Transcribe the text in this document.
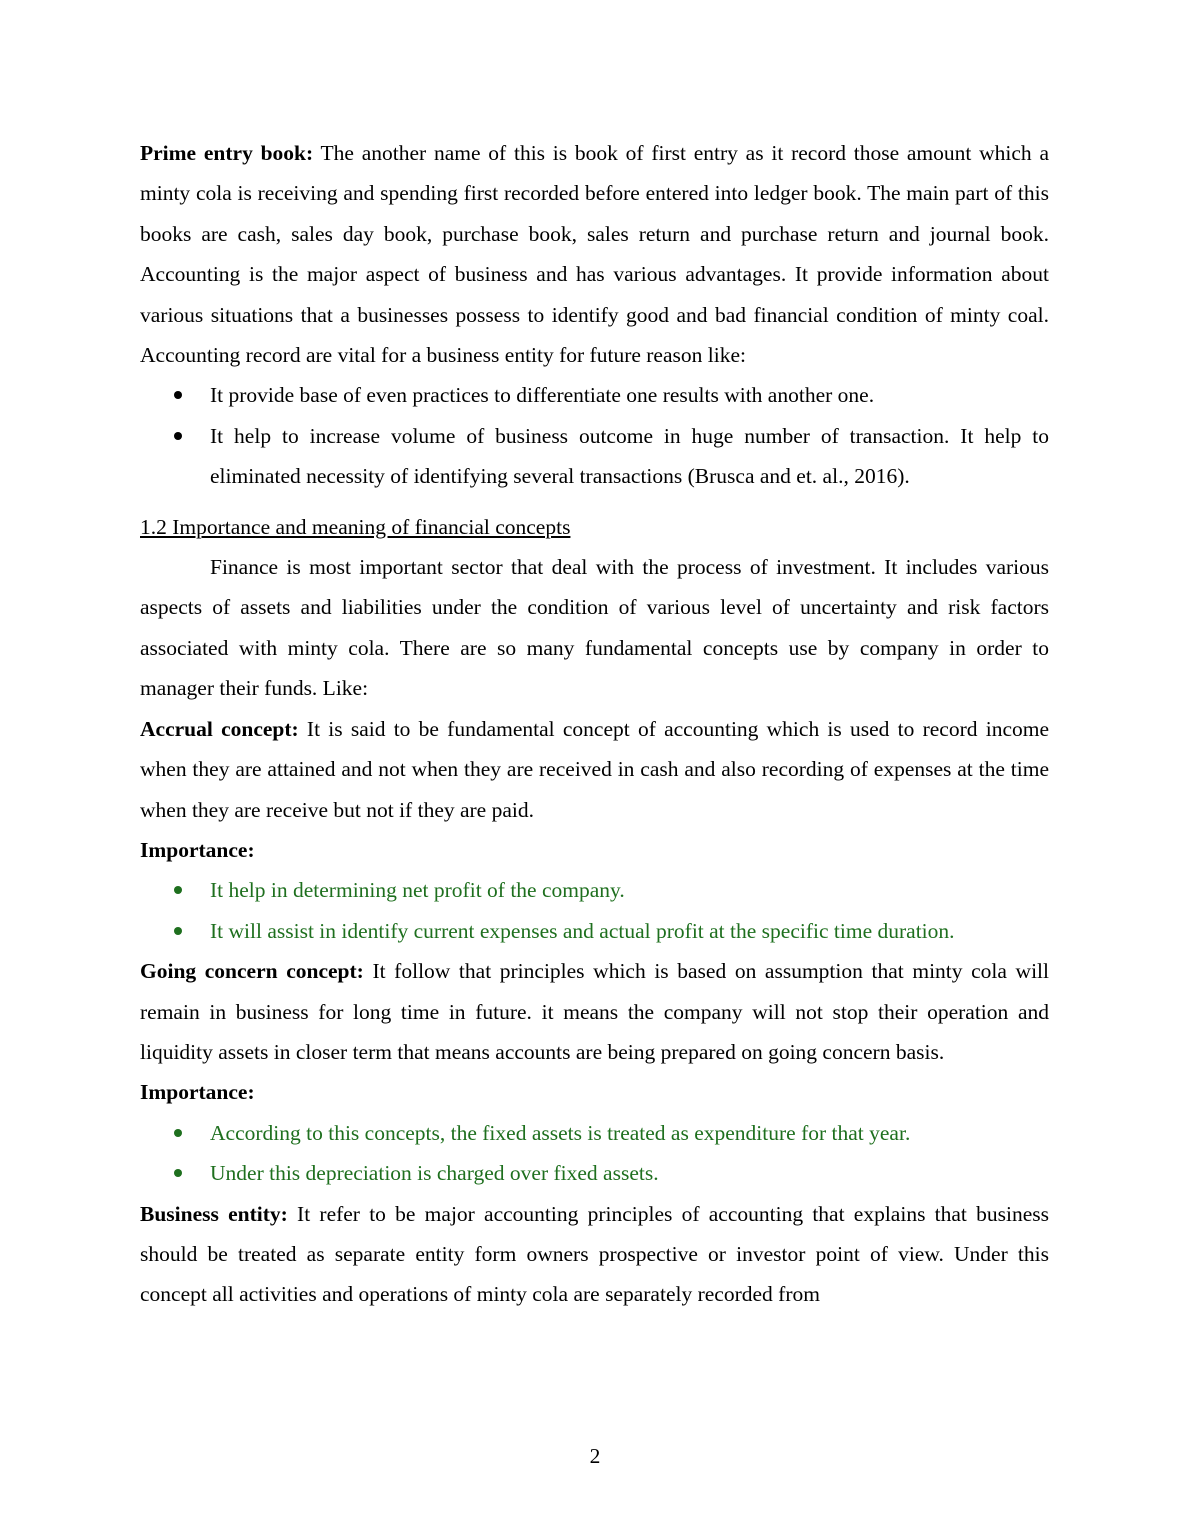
Prime entry book: The another name of this is book of first entry as it record those amount which a minty cola is receiving and spending first recorded before entered into ledger book. The main part of this books are cash, sales day book, purchase book, sales return and purchase return and journal book. Accounting is the major aspect of business and has various advantages. It provide information about various situations that a businesses possess to identify good and bad financial condition of minty coal. Accounting record are vital for a business entity for future reason like:

It provide base of even practices to differentiate one results with another one.
It help to increase volume of business outcome in huge number of transaction. It help to eliminated necessity of identifying several transactions (Brusca and et. al., 2016).
1.2 Importance and meaning of financial concepts

Finance is most important sector that deal with the process of investment. It includes various aspects of assets and liabilities under the condition of various level of uncertainty and risk factors associated with minty cola. There are so many fundamental concepts use by company in order to manager their funds. Like:

Accrual concept: It is said to be fundamental concept of accounting which is used to record income when they are attained and not when they are received in cash and also recording of expenses at the time when they are receive but not if they are paid.

Importance:

It help in determining net profit of the company.
It will assist in identify current expenses and actual profit at the specific time duration.

Going concern concept: It follow that principles which is based on assumption that minty cola will remain in business for long time in future. it means the company will not stop their operation and liquidity assets in closer term that means accounts are being prepared on going concern basis.

Importance:

According to this concepts, the fixed assets is treated as expenditure for that year.
Under this depreciation is charged over fixed assets.

Business entity: It refer to be major accounting principles of accounting that explains that business should be treated as separate entity form owners prospective or investor point of view. Under this concept all activities and operations of minty cola are separately recorded from

2
